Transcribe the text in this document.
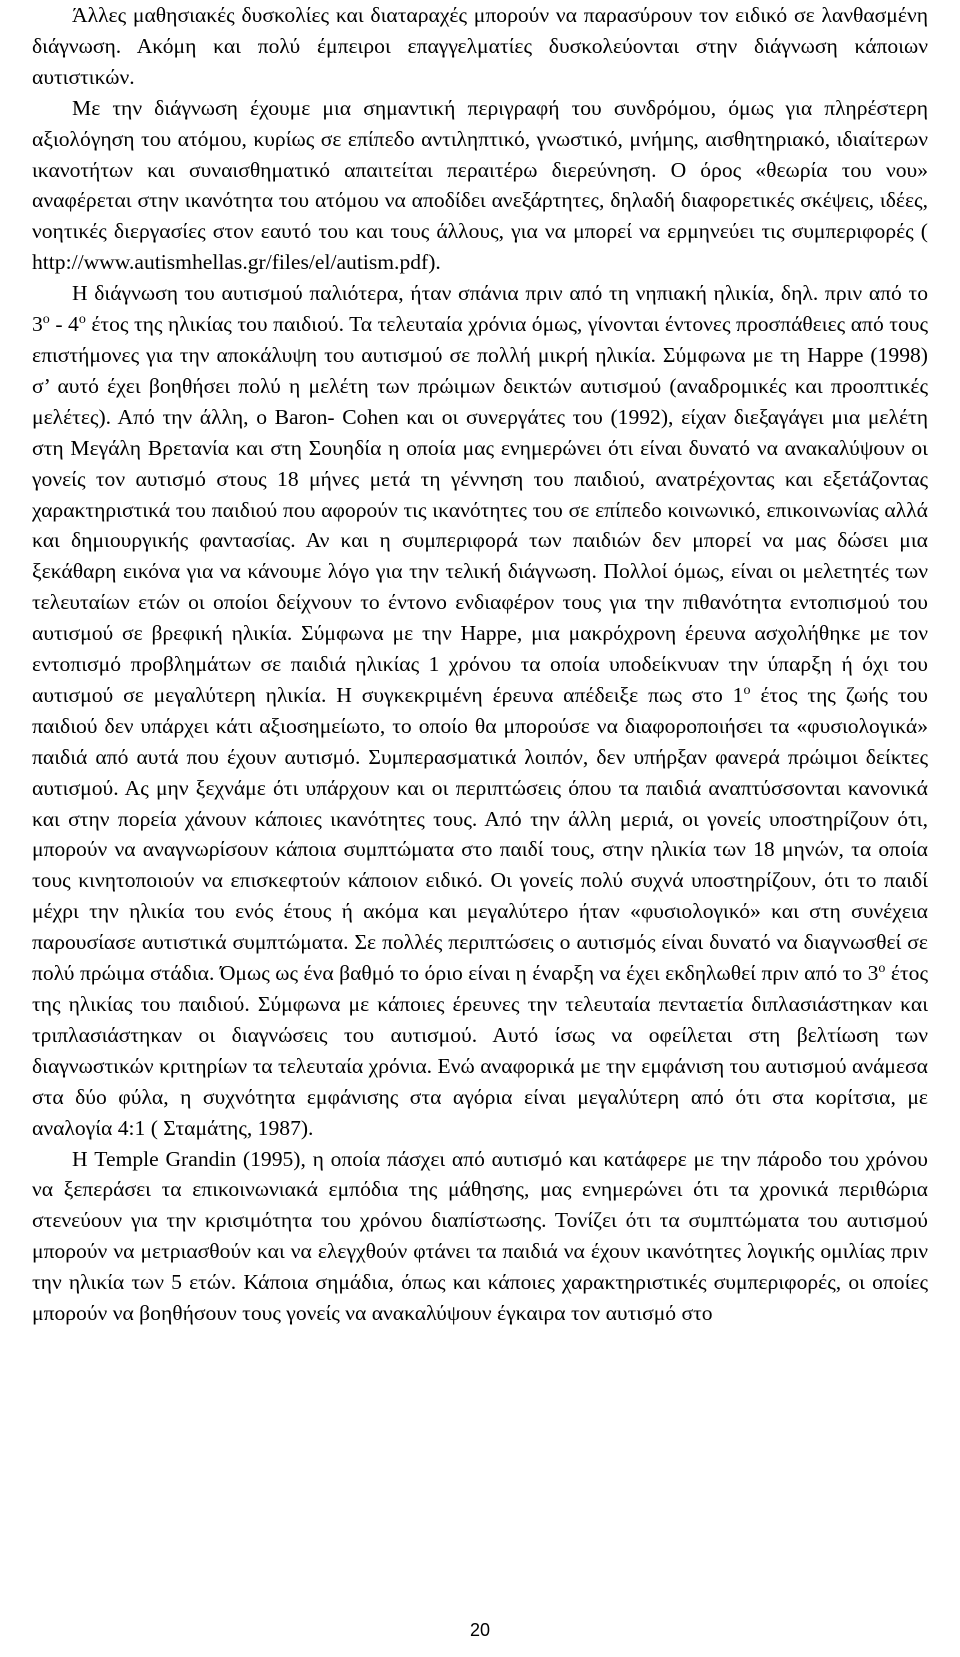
Άλλες μαθησιακές δυσκολίες και διαταραχές μπορούν να παρασύρουν τον ειδικό σε λανθασμένη διάγνωση. Ακόμη και πολύ έμπειροι επαγγελματίες δυσκολεύονται στην διάγνωση κάποιων αυτιστικών.

Με την διάγνωση έχουμε μια σημαντική περιγραφή του συνδρόμου, όμως για πληρέστερη αξιολόγηση του ατόμου, κυρίως σε επίπεδο αντιληπτικό, γνωστικό, μνήμης, αισθητηριακό, ιδιαίτερων ικανοτήτων και συναισθηματικό απαιτείται περαιτέρω διερεύνηση. Ο όρος «θεωρία του νου» αναφέρεται στην ικανότητα του ατόμου να αποδίδει ανεξάρτητες, δηλαδή διαφορετικές σκέψεις, ιδέες, νοητικές διεργασίες στον εαυτό του και τους άλλους, για να μπορεί να ερμηνεύει τις συμπεριφορές ( http://www.autismhellas.gr/files/el/autism.pdf).

Η διάγνωση του αυτισμού παλιότερα, ήταν σπάνια πριν από τη νηπιακή ηλικία, δηλ. πριν από το $3^o - 4^o$ έτος της ηλικίας του παιδιού. Τα τελευταία χρόνια όμως, γίνονται έντονες προσπάθειες από τους επιστήμονες για την αποκάλυψη του αυτισμού σε πολλή μικρή ηλικία. Σύμφωνα με τη Happe (1998) σ’ αυτό έχει βοηθήσει πολύ η μελέτη των πρώιμων δεικτών αυτισμού (αναδρομικές και προοπτικές μελέτες). Από την άλλη, ο Baron- Cohen και οι συνεργάτες του (1992), είχαν διεξαγάγει μια μελέτη στη Μεγάλη Βρετανία και στη Σουηδία η οποία μας ενημερώνει ότι είναι δυνατό να ανακαλύψουν οι γονείς τον αυτισμό στους 18 μήνες μετά τη γέννηση του παιδιού, ανατρέχοντας και εξετάζοντας χαρακτηριστικά του παιδιού που αφορούν τις ικανότητες του σε επίπεδο κοινωνικό, επικοινωνίας αλλά και δημιουργικής φαντασίας. Αν και η συμπεριφορά των παιδιών δεν μπορεί να μας δώσει μια ξεκάθαρη εικόνα για να κάνουμε λόγο για την τελική διάγνωση. Πολλοί όμως, είναι οι μελετητές των τελευταίων ετών οι οποίοι δείχνουν το έντονο ενδιαφέρον τους για την πιθανότητα εντοπισμού του αυτισμού σε βρεφική ηλικία. Σύμφωνα με την Happe, μια μακρόχρονη έρευνα ασχολήθηκε με τον εντοπισμό προβλημάτων σε παιδιά ηλικίας 1 χρόνου τα οποία υποδείκνυαν την ύπαρξη ή όχι του αυτισμού σε μεγαλύτερη ηλικία. Η συγκεκριμένη έρευνα απέδειξε πως στο $1^o$ έτος της ζωής του παιδιού δεν υπάρχει κάτι αξιοσημείωτο, το οποίο θα μπορούσε να διαφοροποιήσει τα «φυσιολογικά» παιδιά από αυτά που έχουν αυτισμό. Συμπερασματικά λοιπόν, δεν υπήρξαν φανερά πρώιμοι δείκτες αυτισμού. Ας μην ξεχνάμε ότι υπάρχουν και οι περιπτώσεις όπου τα παιδιά αναπτύσσονται κανονικά και στην πορεία χάνουν κάποιες ικανότητες τους. Από την άλλη μεριά, οι γονείς υποστηρίζουν ότι, μπορούν να αναγνωρίσουν κάποια συμπτώματα στο παιδί τους, στην ηλικία των 18 μηνών, τα οποία τους κινητοποιούν να επισκεφτούν κάποιον ειδικό. Οι γονείς πολύ συχνά υποστηρίζουν, ότι το παιδί μέχρι την ηλικία του ενός έτους ή ακόμα και μεγαλύτερο ήταν «φυσιολογικό» και στη συνέχεια παρουσίασε αυτιστικά συμπτώματα. Σε πολλές περιπτώσεις ο αυτισμός είναι δυνατό να διαγνωσθεί σε πολύ πρώιμα στάδια. Όμως ως ένα βαθμό το όριο είναι η έναρξη να έχει εκδηλωθεί πριν από το $3^o$ έτος της ηλικίας του παιδιού. Σύμφωνα με κάποιες έρευνες την τελευταία πενταετία διπλασιάστηκαν και τριπλασιάστηκαν οι διαγνώσεις του αυτισμού. Αυτό ίσως να οφείλεται στη βελτίωση των διαγνωστικών κριτηρίων τα τελευταία χρόνια. Ενώ αναφορικά με την εμφάνιση του αυτισμού ανάμεσα στα δύο φύλα, η συχνότητα εμφάνισης στα αγόρια είναι μεγαλύτερη από ότι στα κορίτσια, με αναλογία 4:1 ( Σταμάτης, 1987).

Η Temple Grandin (1995), η οποία πάσχει από αυτισμό και κατάφερε με την πάροδο του χρόνου να ξεπεράσει τα επικοινωνιακά εμπόδια της μάθησης, μας ενημερώνει ότι τα χρονικά περιθώρια στενεύουν για την κρισιμότητα του χρόνου διαπίστωσης. Τονίζει ότι τα συμπτώματα του αυτισμού μπορούν να μετριασθούν και να ελεγχθούν φτάνει τα παιδιά να έχουν ικανότητες λογικής ομιλίας πριν την ηλικία των 5 ετών. Κάποια σημάδια, όπως και κάποιες χαρακτηριστικές συμπεριφορές, οι οποίες μπορούν να βοηθήσουν τους γονείς να ανακαλύψουν έγκαιρα τον αυτισμό στο

20
